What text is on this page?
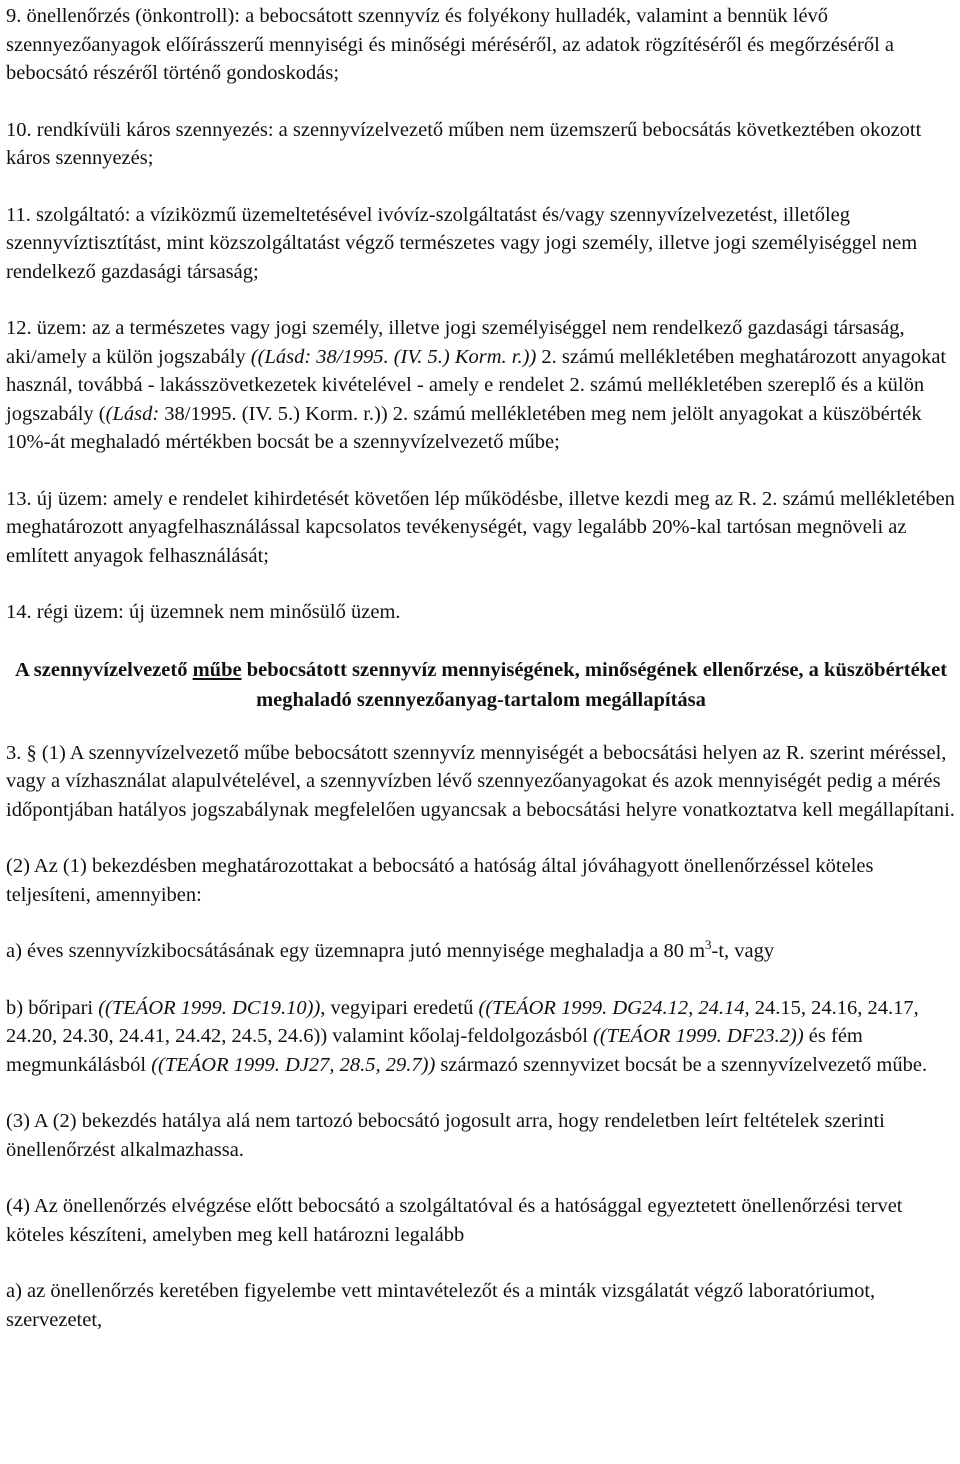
9. önellenőrzés (önkontroll): a bebocsátott szennyvíz és folyékony hulladék, valamint a bennük lévő szennyezőanyagok előírásszerű mennyiségi és minőségi méréséről, az adatok rögzítéséről és megőrzéséről a bebocsátó részéről történő gondoskodás;

10. rendkívüli káros szennyezés: a szennyvízelvezető műben nem üzemszerű bebocsátás következtében okozott káros szennyezés;

11. szolgáltató: a víziközmű üzemeltetésével ivóvíz-szolgáltatást és/vagy szennyvízelvezetést, illetőleg szennyvíztisztítást, mint közszolgáltatást végző természetes vagy jogi személy, illetve jogi személyiséggel nem rendelkező gazdasági társaság;

12. üzem: az a természetes vagy jogi személy, illetve jogi személyiséggel nem rendelkező gazdasági társaság, aki/amely a külön jogszabály ((Lásd: 38/1995. (IV. 5.) Korm. r.)) 2. számú mellékletében meghatározott anyagokat használ, továbbá - lakásszövetkezetek kivételével - amely e rendelet 2. számú mellékletében szereplő és a külön jogszabály ((Lásd: 38/1995. (IV. 5.) Korm. r.)) 2. számú mellékletében meg nem jelölt anyagokat a küszöbérték 10%-át meghaladó mértékben bocsát be a szennyvízelvezető műbe;

13. új üzem: amely e rendelet kihirdetését követően lép működésbe, illetve kezdi meg az R. 2. számú mellékletében meghatározott anyagfelhasználással kapcsolatos tevékenységét, vagy legalább 20%-kal tartósan megnöveli az említett anyagok felhasználását;

14. régi üzem: új üzemnek nem minősülő üzem.

A szennyvízelvezető műbe bebocsátott szennyvíz mennyiségének, minőségének ellenőrzése, a küszöbértéket meghaladó szennyezőanyag-tartalom megállapítása

3. § (1) A szennyvízelvezető műbe bebocsátott szennyvíz mennyiségét a bebocsátási helyen az R. szerint méréssel, vagy a vízhasználat alapulvételével, a szennyvízben lévő szennyezőanyagokat és azok mennyiségét pedig a mérés időpontjában hatályos jogszabálynak megfelelően ugyancsak a bebocsátási helyre vonatkoztatva kell megállapítani.

(2) Az (1) bekezdésben meghatározottakat a bebocsátó a hatóság által jóváhagyott önellenőrzéssel köteles teljesíteni, amennyiben:

a) éves szennyvízkibocsátásának egy üzemnapra jutó mennyisége meghaladja a 80 $m^3-t$, vagy

b) bőripari ((TEÁOR 1999. DC19.10)), vegyipari eredetű ((TEÁOR 1999. DG24.12, 24.14, 24.15, 24.16, 24.17, 24.20, 24.30, 24.41, 24.42, 24.5, 24.6)) valamint kőolaj-feldolgozásból ((TEÁOR 1999. DF23.2)) és fém megmunkálásból ((TEÁOR 1999. DJ27, 28.5, 29.7)) származó szennyvizet bocsát be a szennyvízelvezető műbe.

(3) A (2) bekezdés hatálya alá nem tartozó bebocsátó jogosult arra, hogy rendeletben leírt feltételek szerinti önellenőrzést alkalmazhassa.

(4) Az önellenőrzés elvégzése előtt bebocsátó a szolgáltatóval és a hatósággal egyeztetett önellenőrzési tervet köteles készíteni, amelyben meg kell határozni legalább

a) az önellenőrzés keretében figyelembe vett mintavételezőt és a minták vizsgálatát végző laboratóriumot, szervezetet,
